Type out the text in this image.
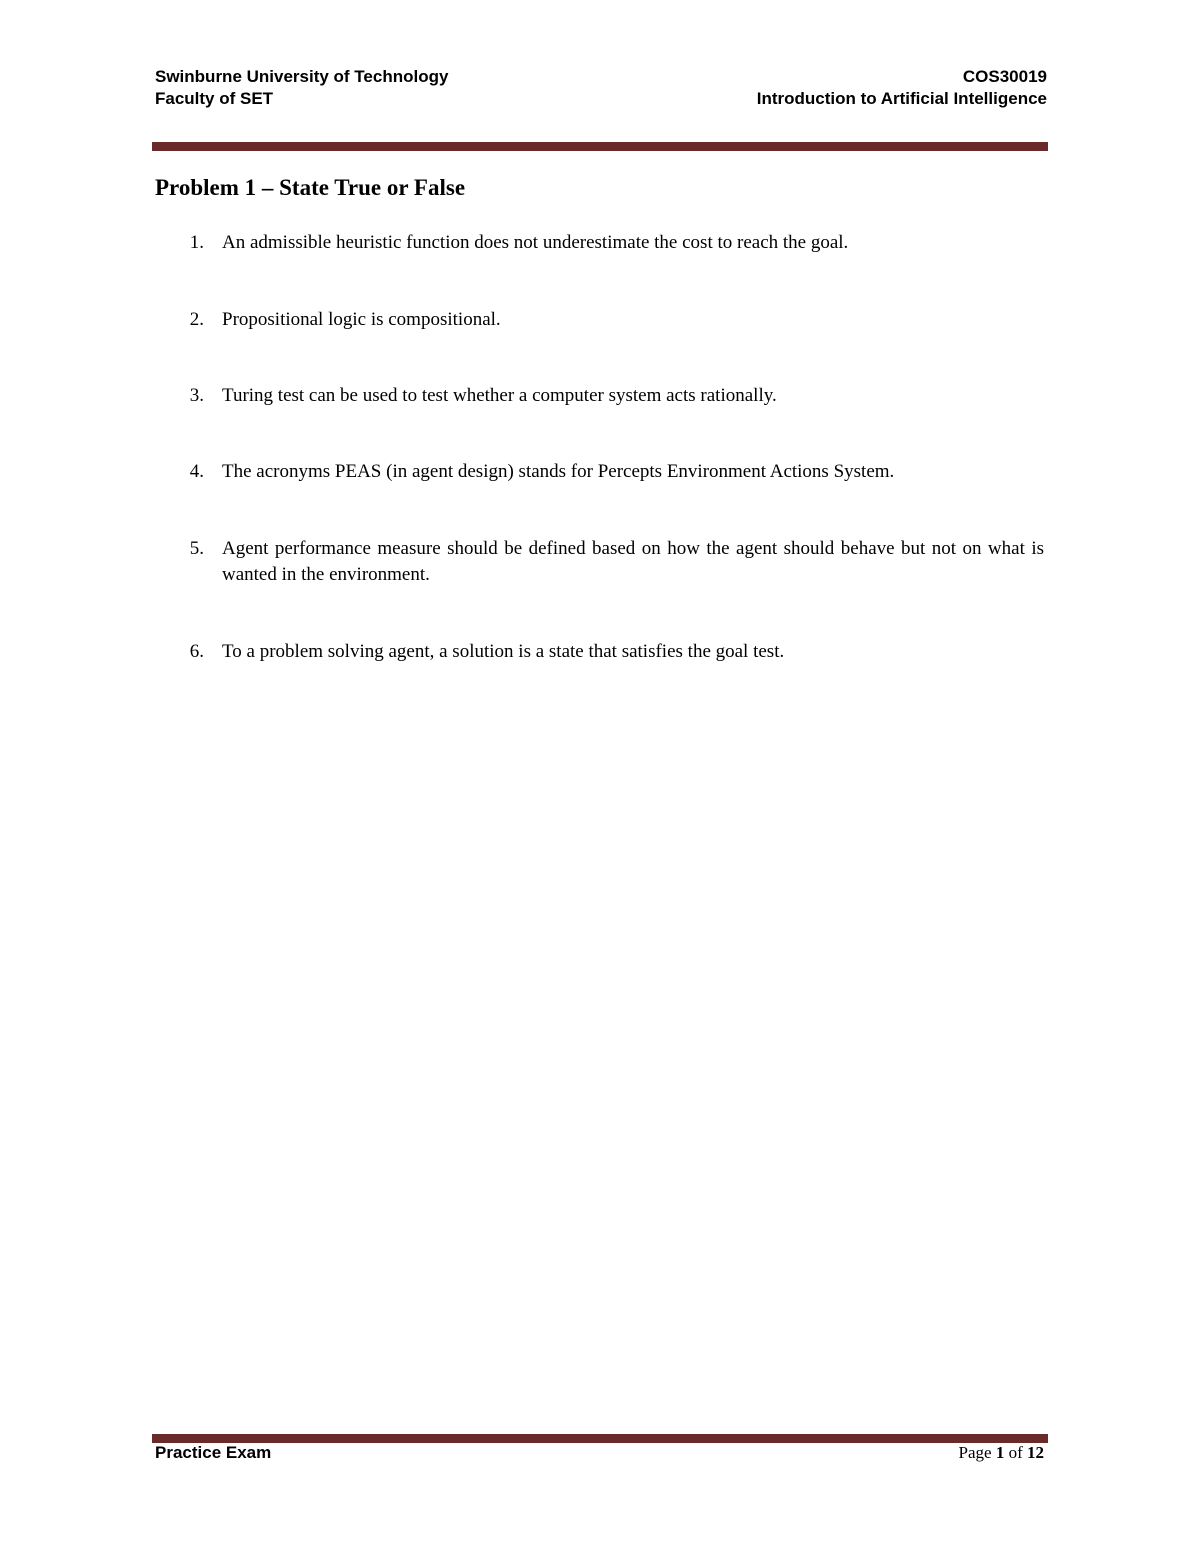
Swinburne University of Technology	COS30019
Faculty of SET	Introduction to Artificial Intelligence
Problem 1 – State True or False
1. An admissible heuristic function does not underestimate the cost to reach the goal.
2. Propositional logic is compositional.
3. Turing test can be used to test whether a computer system acts rationally.
4. The acronyms PEAS (in agent design) stands for Percepts Environment Actions System.
5. Agent performance measure should be defined based on how the agent should behave but not on what is wanted in the environment.
6. To a problem solving agent, a solution is a state that satisfies the goal test.
Practice Exam	Page 1 of 12
